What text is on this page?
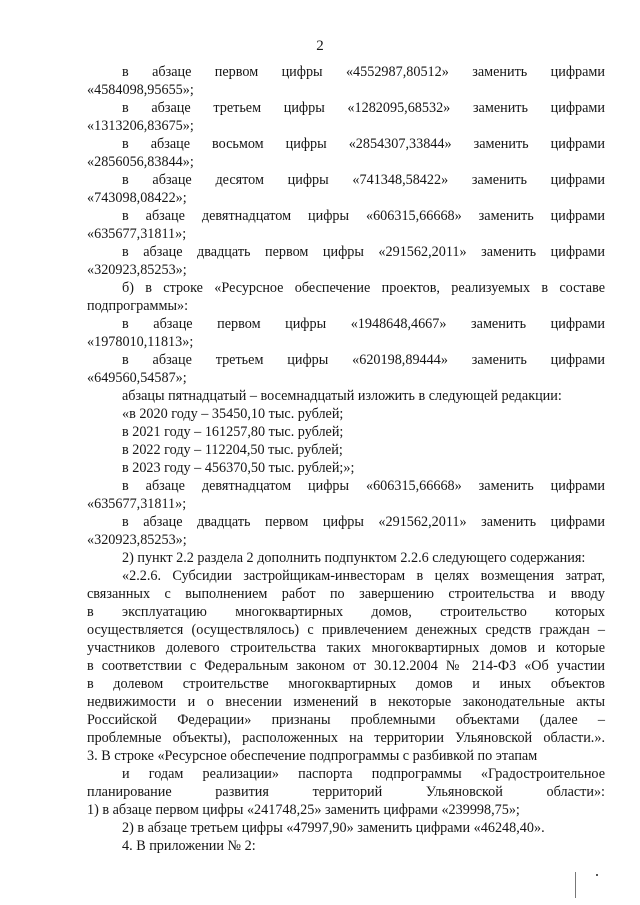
2
в абзаце первом цифры «4552987,80512» заменить цифрами
«4584098,95655»;
в абзаце третьем цифры «1282095,68532» заменить цифрами
«1313206,83675»;
в абзаце восьмом цифры «2854307,33844» заменить цифрами
«2856056,83844»;
в абзаце десятом цифры «741348,58422» заменить цифрами
«743098,08422»;
в абзаце девятнадцатом цифры «606315,66668» заменить цифрами
«635677,31811»;
в абзаце двадцать первом цифры «291562,2011» заменить цифрами
«320923,85253»;
б) в строке «Ресурсное обеспечение проектов, реализуемых в составе
подпрограммы»:
в абзаце первом цифры «1948648,4667» заменить цифрами
«1978010,11813»;
в абзаце третьем цифры «620198,89444» заменить цифрами
«649560,54587»;
абзацы пятнадцатый – восемнадцатый изложить в следующей редакции:
«в 2020 году – 35450,10 тыс. рублей;
в 2021 году – 161257,80 тыс. рублей;
в 2022 году – 112204,50 тыс. рублей;
в 2023 году – 456370,50 тыс. рублей;»;
в абзаце девятнадцатом цифры «606315,66668» заменить цифрами
«635677,31811»;
в абзаце двадцать первом цифры «291562,2011» заменить цифрами
«320923,85253»;
2) пункт 2.2 раздела 2 дополнить подпунктом 2.2.6 следующего содержания:
«2.2.6. Субсидии застройщикам-инвесторам в целях возмещения затрат,
связанных с выполнением работ по завершению строительства и вводу
в эксплуатацию многоквартирных домов, строительство которых
осуществляется (осуществлялось) с привлечением денежных средств граждан –
участников долевого строительства таких многоквартирных домов и которые
в соответствии с Федеральным законом от 30.12.2004 № 214-ФЗ «Об участии
в долевом строительстве многоквартирных домов и иных объектов
недвижимости и о внесении изменений в некоторые законодательные акты
Российской Федерации» признаны проблемными объектами (далее –
проблемные объекты), расположенных на территории Ульяновской области.».
3. В строке «Ресурсное обеспечение подпрограммы с разбивкой по этапам
и годам реализации» паспорта подпрограммы «Градостроительное
планирование развития территорий Ульяновской области»:
1) в абзаце первом цифры «241748,25» заменить цифрами «239998,75»;
2) в абзаце третьем цифры «47997,90» заменить цифрами «46248,40».
4. В приложении № 2:
